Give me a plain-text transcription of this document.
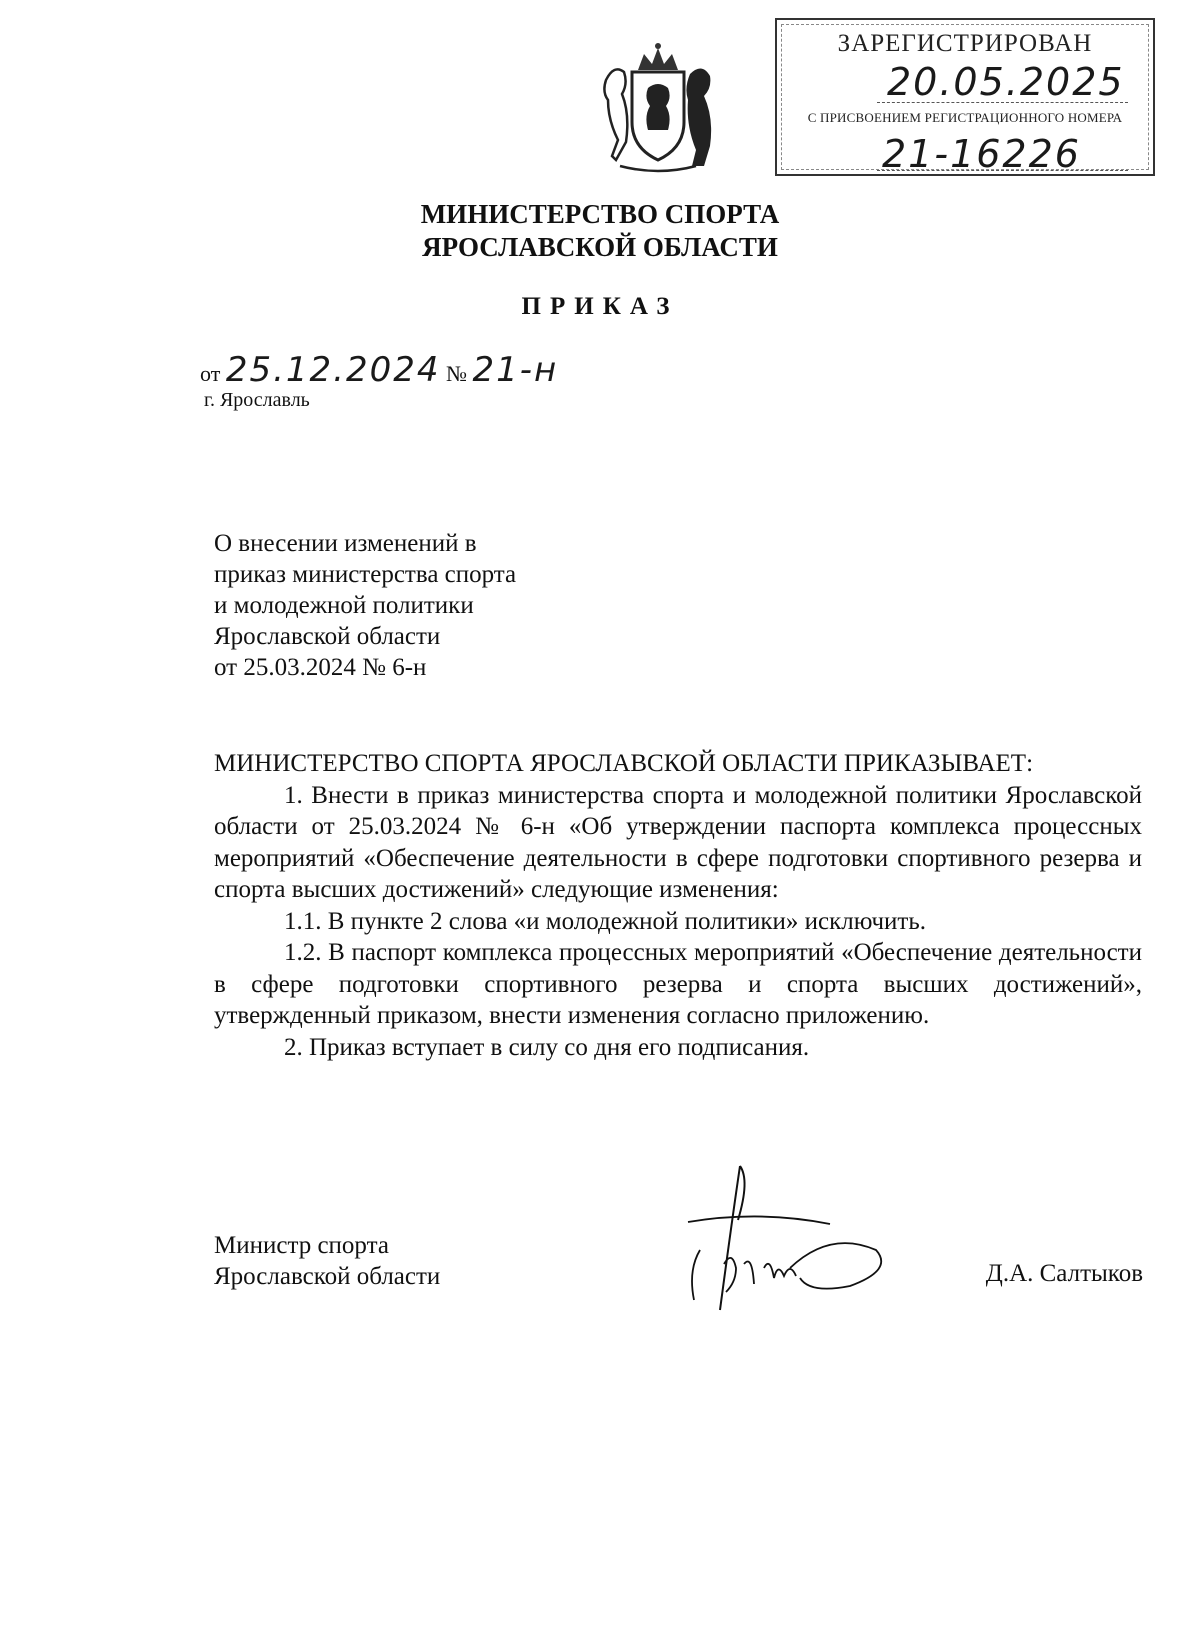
ЗАРЕГИСТРИРОВАН
20.05.2025
С ПРИСВОЕНИЕМ РЕГИСТРАЦИОННОГО НОМЕРА
21-16226
МИНИСТЕРСТВО СПОРТА
ЯРОСЛАВСКОЙ ОБЛАСТИ
ПРИКАЗ
от 25.12.2024 № 21-н
г. Ярославль
О внесении изменений в
приказ министерства спорта
и молодежной политики
Ярославской области
от 25.03.2024 № 6-н

МИНИСТЕРСТВО СПОРТА ЯРОСЛАВСКОЙ ОБЛАСТИ ПРИКАЗЫВАЕТ:

1. Внести в приказ министерства спорта и молодежной политики Ярославской области от 25.03.2024 № 6-н «Об утверждении паспорта комплекса процессных мероприятий «Обеспечение деятельности в сфере подготовки спортивного резерва и спорта высших достижений» следующие изменения:

1.1. В пункте 2 слова «и молодежной политики» исключить.

1.2. В паспорт комплекса процессных мероприятий «Обеспечение деятельности в сфере подготовки спортивного резерва и спорта высших достижений», утвержденный приказом, внести изменения согласно приложению.

2. Приказ вступает в силу со дня его подписания.

Министр спорта
Ярославской области	Д.А. Салтыков
